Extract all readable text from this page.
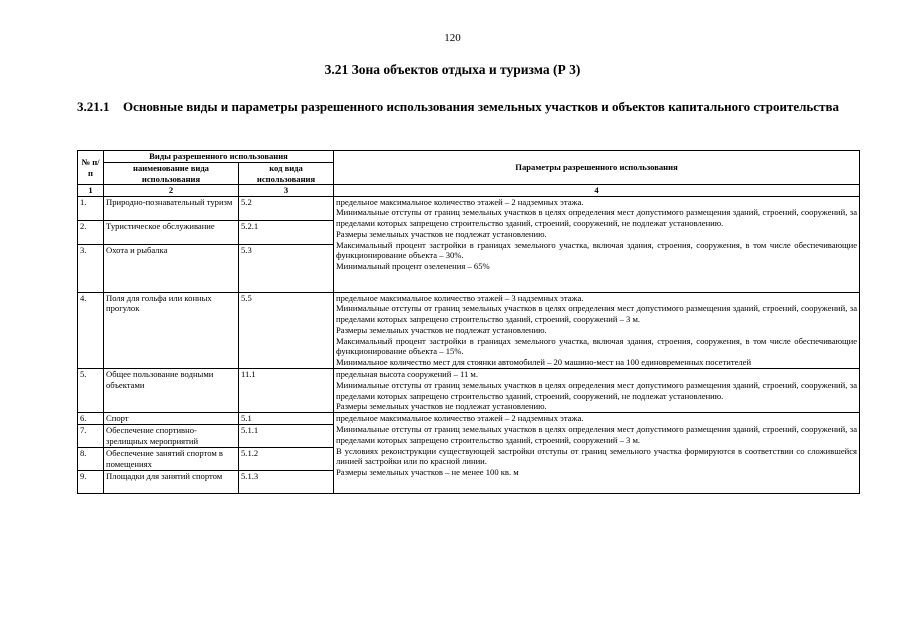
120
3.21 Зона объектов отдыха и туризма (Р 3)
3.21.1	Основные виды и параметры разрешенного использования земельных участков и объектов капитального строительства
№ п/п	Виды разрешенного использования		Параметры разрешенного использования
	наименование вида использования	код вида использования	
1	2	3	4
1.	Природно-познавательный туризм	5.2	предельное максимальное количество этажей – 2 надземных этажа.
Минимальные отступы от границ земельных участков в целях определения мест допустимого размещения зданий, строений, сооружений, за пределами которых запрещено строительство зданий, строений, сооружений, не подлежат установлению.
Размеры земельных участков не подлежат установлению.
Максимальный процент застройки в границах земельного участка, включая здания, строения, сооружения, в том числе обеспечивающие функционирование объекта – 30%.
Минимальный процент озеленения – 65%

2.	Туристическое обслуживание	5.2.1	
3.	Охота и рыбалка	5.3	
4.	Поля для гольфа или конных прогулок	5.5	предельное максимальное количество этажей – 3 надземных этажа.
Минимальные отступы от границ земельных участков в целях определения мест допустимого размещения зданий, строений, сооружений, за пределами которых запрещено строительство зданий, строений, сооружений – 3 м.
Размеры земельных участков не подлежат установлению.
Максимальный процент застройки в границах земельного участка, включая здания, строения, сооружения, в том числе обеспечивающие функционирование объекта – 15%.
Минимальное количество мест для стоянки автомобилей – 20 машино-мест на 100 единовременных посетителей

5.	Общее пользование водными объектами	11.1	предельная высота сооружений – 11 м.
Минимальные отступы от границ земельных участков в целях определения мест допустимого размещения зданий, строений, сооружений, за пределами которых запрещено строительство зданий, строений, сооружений, не подлежат установлению.
Размеры земельных участков не подлежат установлению.

6.	Спорт	5.1	предельное максимальное количество этажей – 2 надземных этажа.
Минимальные отступы от границ земельных участков в целях определения мест допустимого размещения зданий, строений, сооружений, за пределами которых запрещено строительство зданий, строений, сооружений – 3 м.
В условиях реконструкции существующей застройки отступы от границ земельного участка формируются в соответствии со сложившейся линией застройки или по красной линии.
Размеры земельных участков – не менее 100 кв. м

7.	Обеспечение спортивно-зрелищных мероприятий	5.1.1	
8.	Обеспечение занятий спортом в помещениях	5.1.2	
9.	Площадки для занятий спортом	5.1.3	
